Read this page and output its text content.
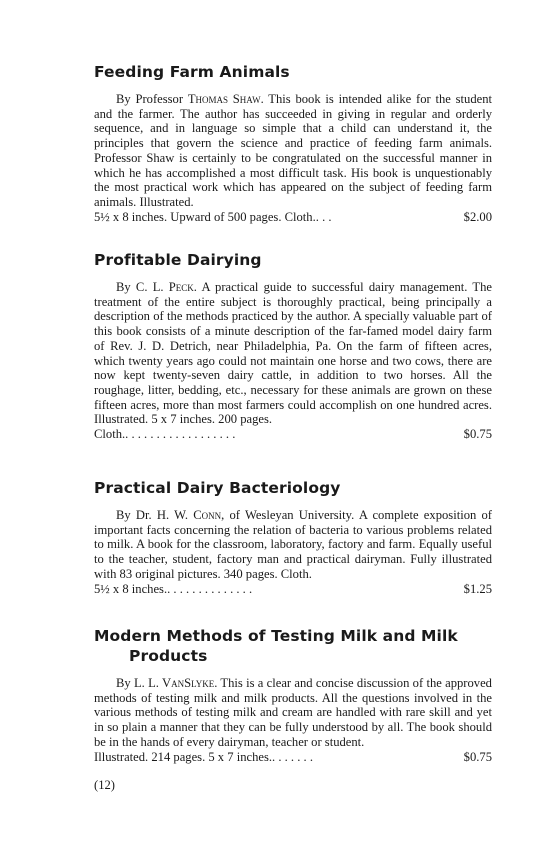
Feeding Farm Animals

By Professor Thomas Shaw. This book is intended alike for the student and the farmer. The author has succeeded in giving in regular and orderly sequence, and in language so simple that a child can understand it, the principles that govern the science and practice of feeding farm animals. Professor Shaw is certainly to be congratulated on the successful manner in which he has accomplished a most difficult task. His book is unquestionably the most practical work which has appeared on the subject of feeding farm animals. Illustrated.

5½ x 8 inches. Upward of 500 pages. Cloth. . . .	$2.00
Profitable Dairying

By C. L. Peck. A practical guide to successful dairy management. The treatment of the entire subject is thoroughly practical, being principally a description of the methods practiced by the author. A specially valuable part of this book consists of a minute description of the far-famed model dairy farm of Rev. J. D. Detrich, near Philadelphia, Pa. On the farm of fifteen acres, which twenty years ago could not maintain one horse and two cows, there are now kept twenty-seven dairy cattle, in addition to two horses. All the roughage, litter, bedding, etc., necessary for these animals are grown on these fifteen acres, more than most farmers could accomplish on one hundred acres. Illustrated. 5 x 7 inches. 200 pages.

Cloth. . . . . . . . . . . . . . . . . . .	$0.75
Practical Dairy Bacteriology

By Dr. H. W. Conn, of Wesleyan University. A complete exposition of important facts concerning the relation of bacteria to various problems related to milk. A book for the classroom, laboratory, factory and farm. Equally useful to the teacher, student, factory man and practical dairyman. Fully illustrated with 83 original pictures. 340 pages. Cloth.

5½ x 8 inches. . . . . . . . . . . . . . .	$1.25
Modern Methods of Testing Milk and Milk
Products

By L. L. VanSlyke. This is a clear and concise discussion of the approved methods of testing milk and milk products. All the questions involved in the various methods of testing milk and cream are handled with rare skill and yet in so plain a manner that they can be fully understood by all. The book should be in the hands of every dairyman, teacher or student.

Illustrated. 214 pages. 5 x 7 inches. . . . . . . .	$0.75
(12)
